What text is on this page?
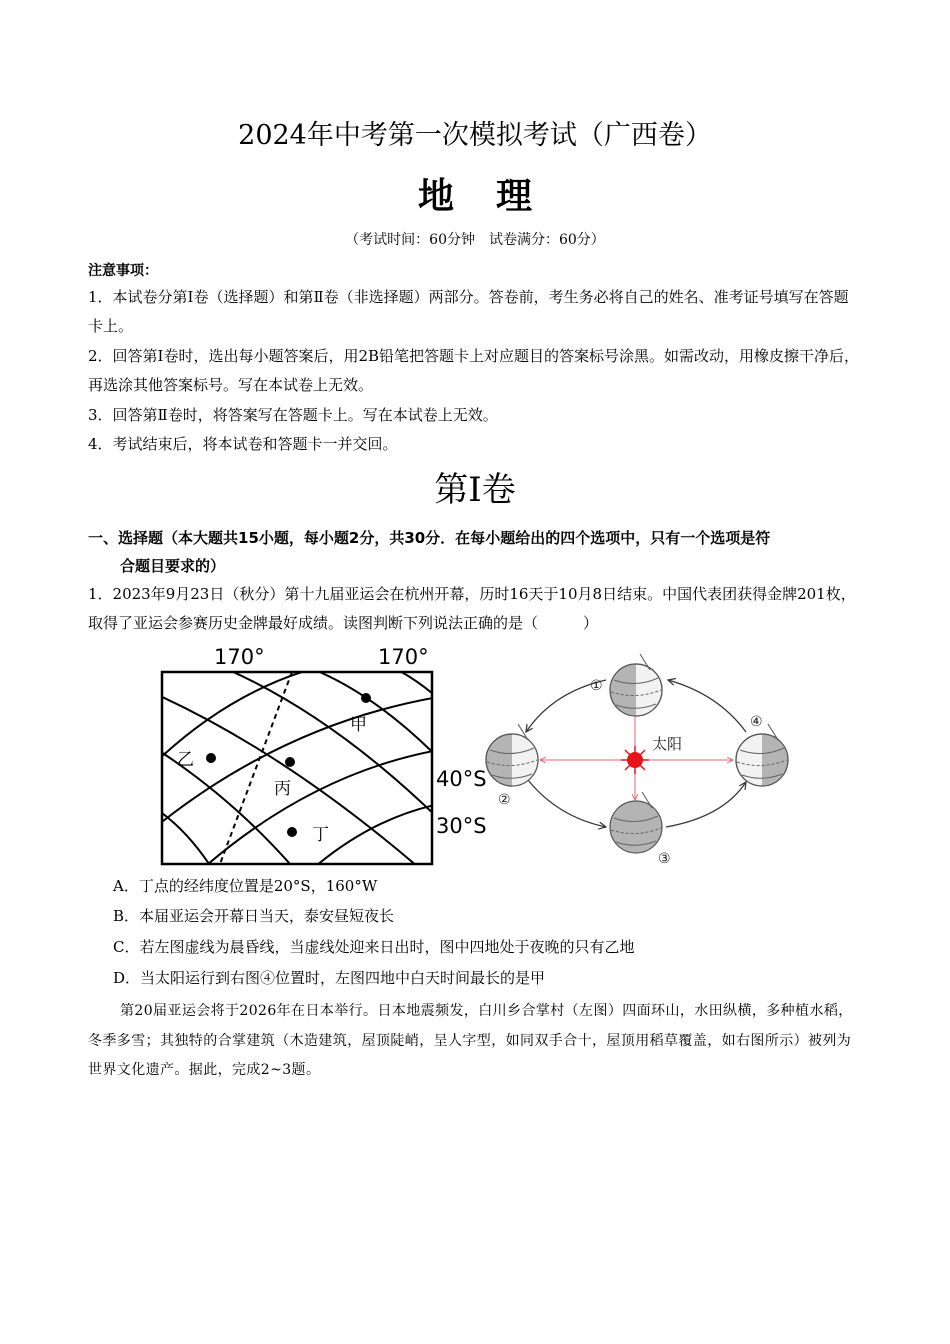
2024年中考第一次模拟考试（广西卷）
地理
（考试时间：60分钟　试卷满分：60分）
注意事项：
1．本试卷分第Ⅰ卷（选择题）和第Ⅱ卷（非选择题）两部分。答卷前，考生务必将自己的姓名、准考证号填写在答题卡上。
2．回答第Ⅰ卷时，选出每小题答案后，用2B铅笔把答题卡上对应题目的答案标号涂黑。如需改动，用橡皮擦干净后，再选涂其他答案标号。写在本试卷上无效。
3．回答第Ⅱ卷时，将答案写在答题卡上。写在本试卷上无效。
4．考试结束后，将本试卷和答题卡一并交回。
第Ⅰ卷
一、选择题（本大题共15小题，每小题2分，共30分．在每小题给出的四个选项中，只有一个选项是符
合题目要求的）
1．2023年9月23日（秋分）第十九届亚运会在杭州开幕，历时16天于10月8日结束。中国代表团获得金牌201枚，取得了亚运会参赛历史金牌最好成绩。读图判断下列说法正确的是（　　　）
甲
乙
丙
丁
170°	170°
40°S
30°S
太阳
①
②
③
④
A．丁点的经纬度位置是20°S，160°W
B．本届亚运会开幕日当天，泰安昼短夜长
C．若左图虚线为晨昏线，当虚线处迎来日出时，图中四地处于夜晚的只有乙地
D．当太阳运行到右图④位置时，左图四地中白天时间最长的是甲
第20届亚运会将于2026年在日本举行。日本地震频发，白川乡合掌村（左图）四面环山，水田纵横，多种植水稻，冬季多雪；其独特的合掌建筑（木造建筑，屋顶陡峭，呈人字型，如同双手合十，屋顶用稻草覆盖，如右图所示）被列为世界文化遗产。据此，完成2~3题。
